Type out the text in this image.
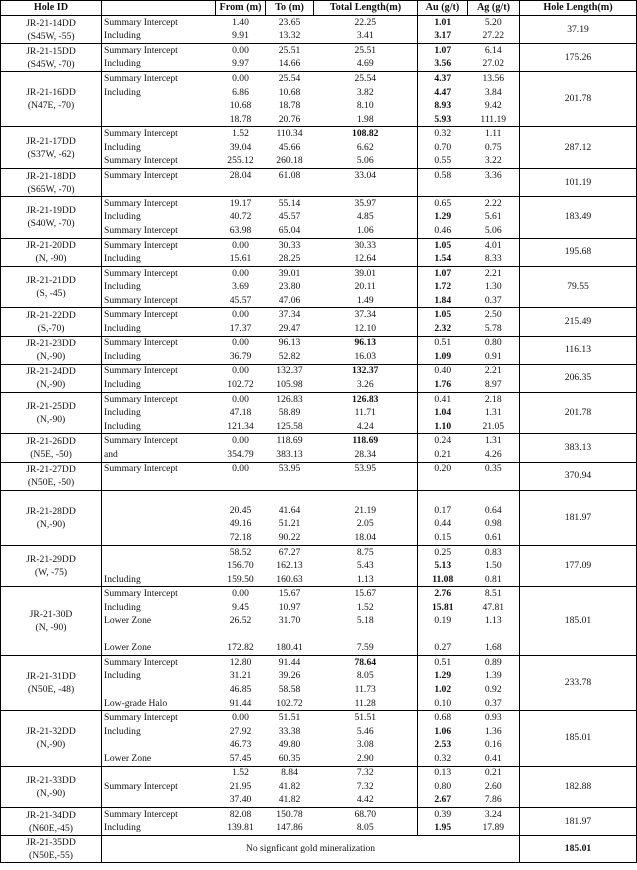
Hole ID		From (m)	To (m)	Total Length(m)	Au (g/t)	Ag (g/t)	Hole Length(m)
JR-21-14DD
(S45W, -55)	Summary Intercept	1.40	23.65	22.25	1.01	5.20	37.19
	Including	9.91	13.32	3.41	3.17	27.22	
JR-21-15DD
(S45W, -70)	Summary Intercept	0.00	25.51	25.51	1.07	6.14	175.26
	Including	9.97	14.66	4.69	3.56	27.02	
JR-21-16DD
(N47E, -70)	Summary Intercept	0.00	25.54	25.54	4.37	13.56	201.78
	Including	6.86	10.68	3.82	4.47	3.84	
		10.68	18.78	8.10	8.93	9.42	
		18.78	20.76	1.98	5.93	111.19	
JR-21-17DD
(S37W, -62)	Summary Intercept	1.52	110.34	108.82	0.32	1.11	287.12
	Including	39.04	45.66	6.62	0.70	0.75	
	Summary Intercept	255.12	260.18	5.06	0.55	3.22	
JR-21-18DD
(S65W, -70)	Summary Intercept	28.04	61.08	33.04	0.58	3.36	101.19

JR-21-19DD
(S40W, -70)	Summary Intercept	19.17	55.14	35.97	0.65	2.22	183.49
	Including	40.72	45.57	4.85	1.29	5.61	
	Summary Intercept	63.98	65.04	1.06	0.46	5.06	
JR-21-20DD
(N, -90)	Summary Intercept	0.00	30.33	30.33	1.05	4.01	195.68
	Including	15.61	28.25	12.64	1.54	8.33	
JR-21-21DD
(S, -45)	Summary Intercept	0.00	39.01	39.01	1.07	2.21	79.55
	Including	3.69	23.80	20.11	1.72	1.30	
	Summary Intercept	45.57	47.06	1.49	1.84	0.37	
JR-21-22DD
(S,-70)	Summary Intercept	0.00	37.34	37.34	1.05	2.50	215.49
	Including	17.37	29.47	12.10	2.32	5.78	
JR-21-23DD
(N,-90)	Summary Intercept	0.00	96.13	96.13	0.51	0.80	116.13
	Including	36.79	52.82	16.03	1.09	0.91	
JR-21-24DD
(N,-90)	Summary Intercept	0.00	132.37	132.37	0.40	2.21	206.35
	Including	102.72	105.98	3.26	1.76	8.97	
JR-21-25DD
(N,-90)	Summary Intercept	0.00	126.83	126.83	0.41	2.18	201.78
	Including	47.18	58.89	11.71	1.04	1.31	
	Including	121.34	125.58	4.24	1.10	21.05	
JR-21-26DD
(N5E, -50)	Summary Intercept	0.00	118.69	118.69	0.24	1.31	383.13
	and	354.79	383.13	28.34	0.21	4.26	
JR-21-27DD
(N50E, -50)	Summary Intercept	0.00	53.95	53.95	0.20	0.35	370.94

JR-21-28DD
(N,-90)							181.97
		20.45	41.64	21.19	0.17	0.64	
		49.16	51.21	2.05	0.44	0.98	
		72.18	90.22	18.04	0.15	0.61	
JR-21-29DD
(W, -75)		58.52	67.27	8.75	0.25	0.83	177.09
		156.70	162.13	5.43	5.13	1.50	
	Including	159.50	160.63	1.13	11.08	0.81	
JR-21-30D
(N, -90)	Summary Intercept	0.00	15.67	15.67	2.76	8.51	185.01
	Including	9.45	10.97	1.52	15.81	47.81	
	Lower Zone	26.52	31.70	5.18	0.19	1.13	

	Lower Zone	172.82	180.41	7.59	0.27	1.68	
JR-21-31DD
(N50E, -48)	Summary Intercept	12.80	91.44	78.64	0.51	0.89	233.78
	Including	31.21	39.26	8.05	1.29	1.39	
		46.85	58.58	11.73	1.02	0.92	
	Low-grade Halo	91.44	102.72	11.28	0.10	0.37	
JR-21-32DD
(N,-90)	Summary Intercept	0.00	51.51	51.51	0.68	0.93	185.01
	Including	27.92	33.38	5.46	1.06	1.36	
		46.73	49.80	3.08	2.53	0.16	
	Lower Zone	57.45	60.35	2.90	0.32	0.41	
JR-21-33DD
(N,-90)		1.52	8.84	7.32	0.13	0.21	182.88
	Summary Intercept	21.95	41.82	7.32	0.80	2.60	
		37.40	41.82	4.42	2.67	7.86	
JR-21-34DD
(N60E,-45)	Summary Intercept	82.08	150.78	68.70	0.39	3.24	181.97
	Including	139.81	147.86	8.05	1.95	17.89	
JR-21-35DD
(N50E,-55)	No signficant gold mineralization						185.01
